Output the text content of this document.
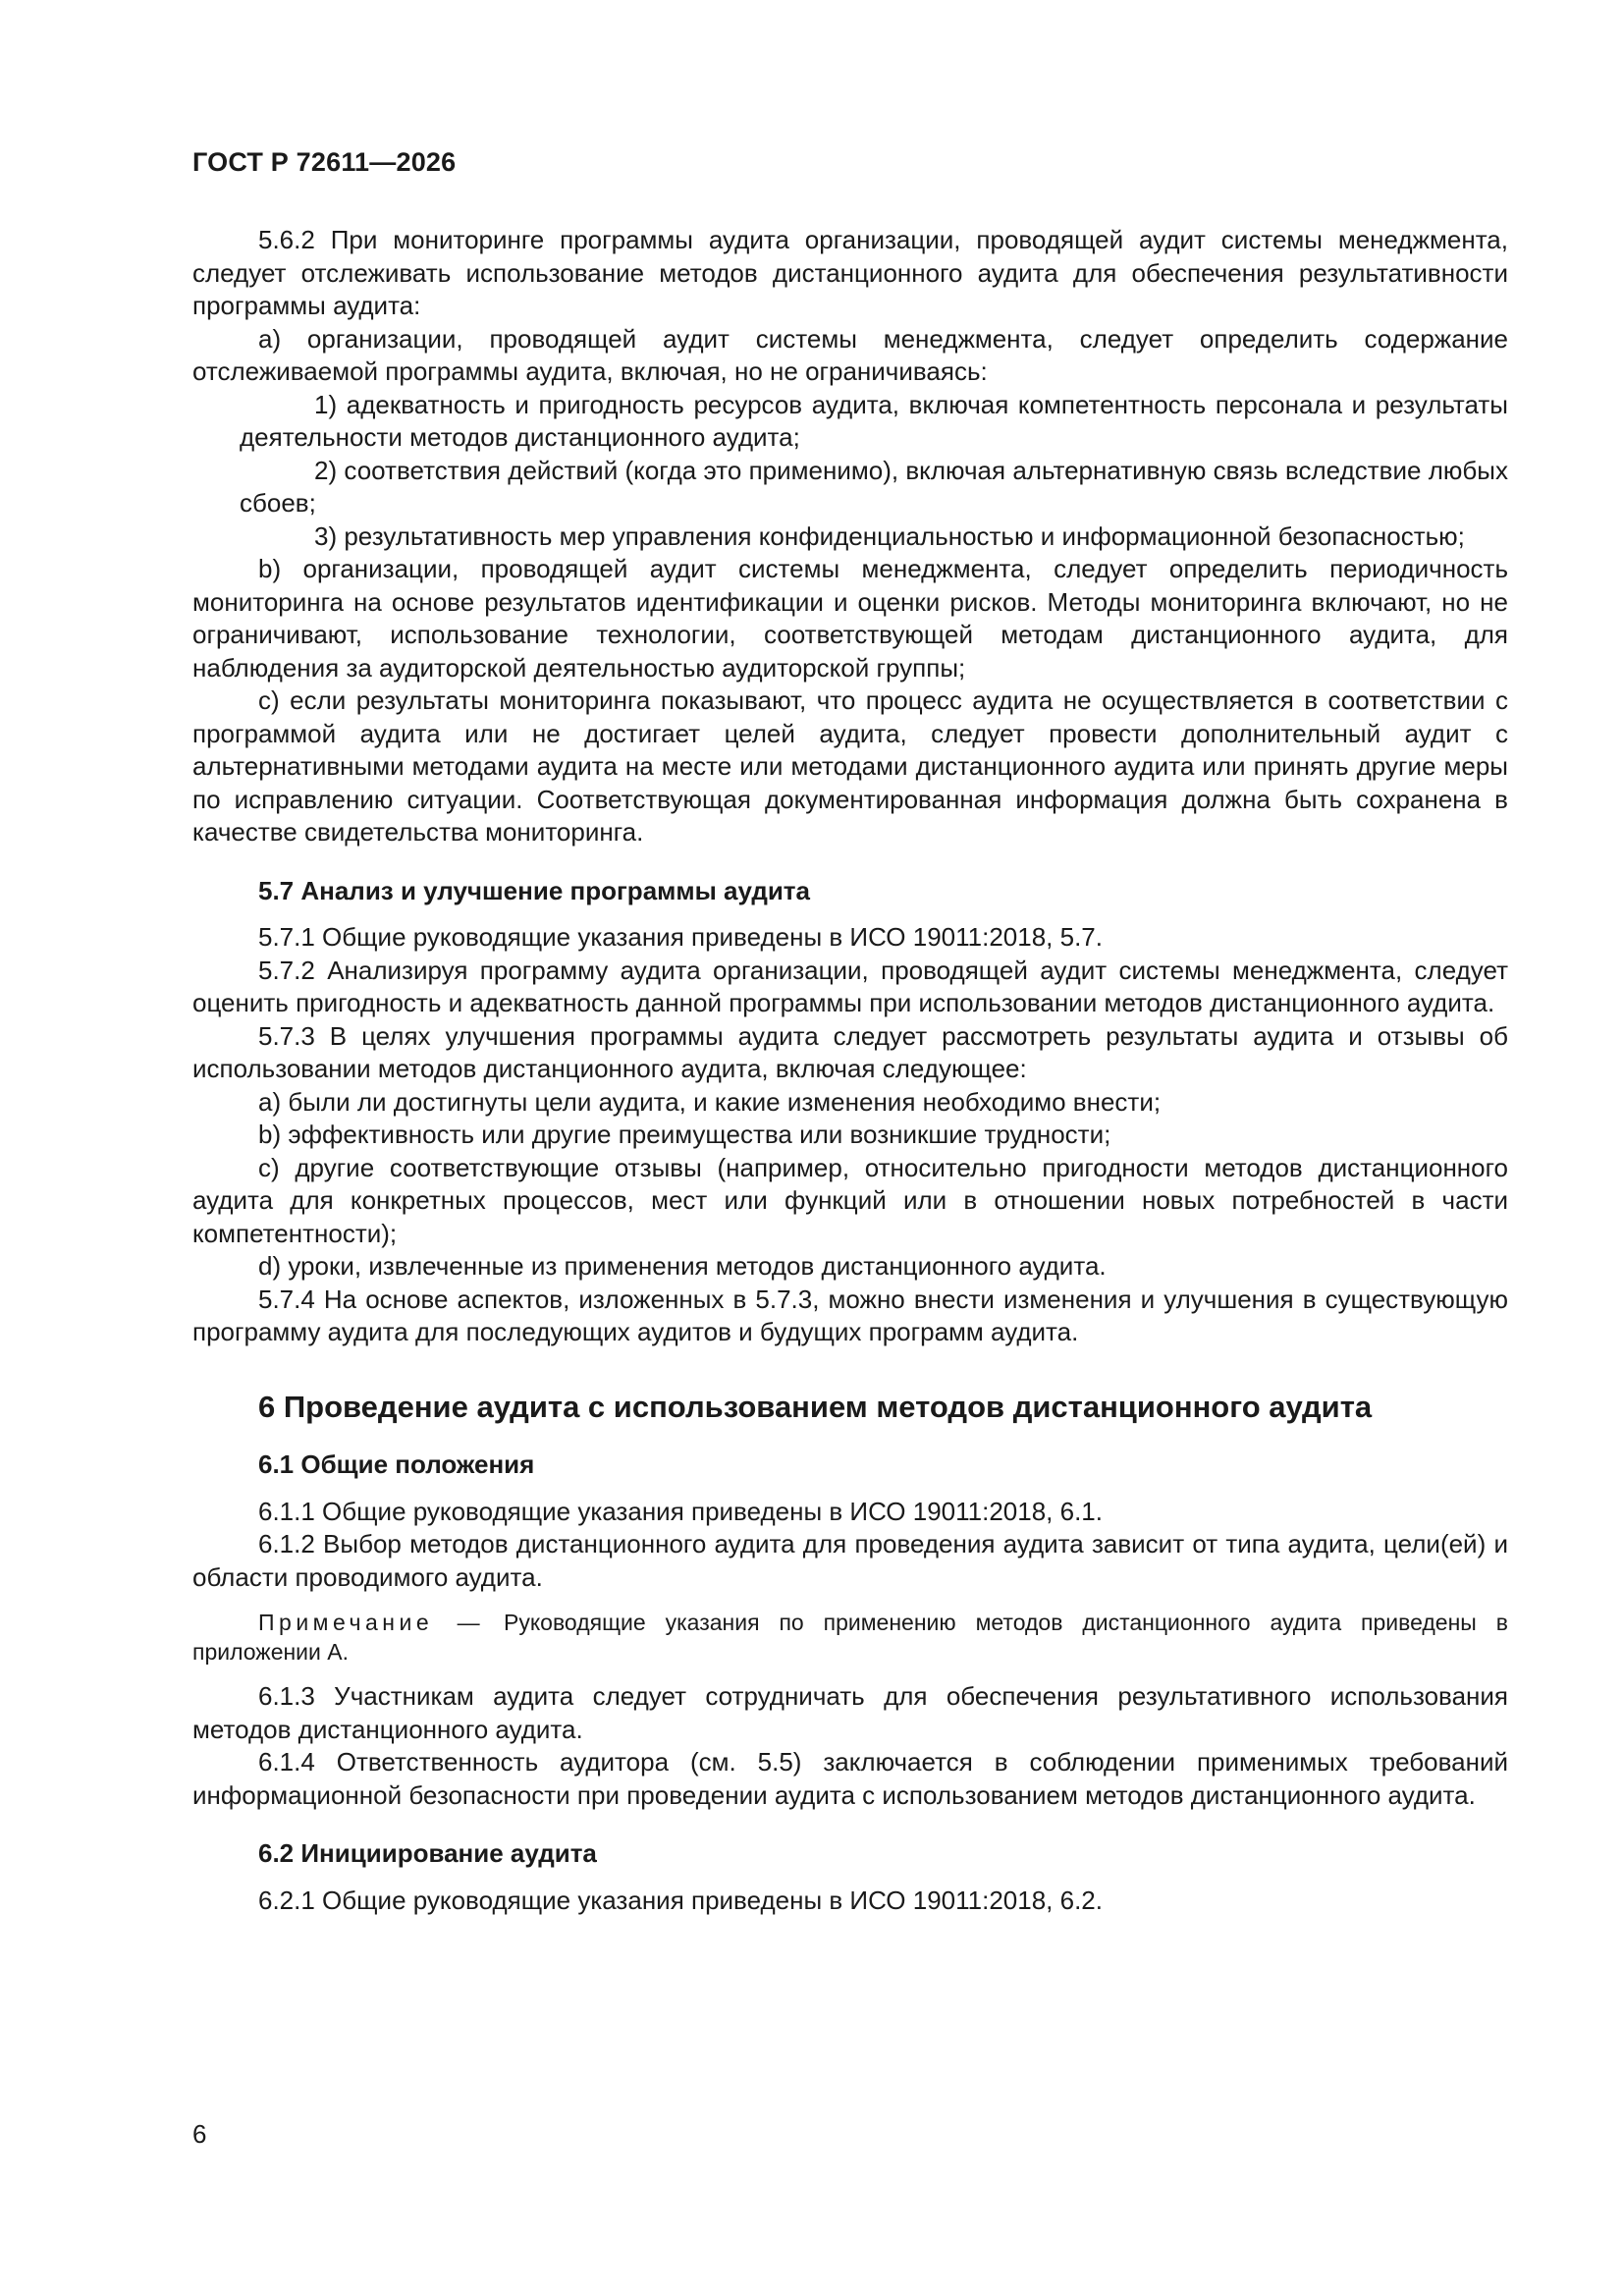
ГОСТ Р 72611—2026

5.6.2 При мониторинге программы аудита организации, проводящей аудит системы менеджмента, следует отслеживать использование методов дистанционного аудита для обеспечения результативности программы аудита:

a) организации, проводящей аудит системы менеджмента, следует определить содержание отслеживаемой программы аудита, включая, но не ограничиваясь:

1) адекватность и пригодность ресурсов аудита, включая компетентность персонала и результаты деятельности методов дистанционного аудита;

2) соответствия действий (когда это применимо), включая альтернативную связь вследствие любых сбоев;

3) результативность мер управления конфиденциальностью и информационной безопасностью;

b) организации, проводящей аудит системы менеджмента, следует определить периодичность мониторинга на основе результатов идентификации и оценки рисков. Методы мониторинга включают, но не ограничивают, использование технологии, соответствующей методам дистанционного аудита, для наблюдения за аудиторской деятельностью аудиторской группы;

c) если результаты мониторинга показывают, что процесс аудита не осуществляется в соответствии с программой аудита или не достигает целей аудита, следует провести дополнительный аудит с альтернативными методами аудита на месте или методами дистанционного аудита или принять другие меры по исправлению ситуации. Соответствующая документированная информация должна быть сохранена в качестве свидетельства мониторинга.

5.7 Анализ и улучшение программы аудита

5.7.1 Общие руководящие указания приведены в ИСО 19011:2018, 5.7.

5.7.2 Анализируя программу аудита организации, проводящей аудит системы менеджмента, следует оценить пригодность и адекватность данной программы при использовании методов дистанционного аудита.

5.7.3 В целях улучшения программы аудита следует рассмотреть результаты аудита и отзывы об использовании методов дистанционного аудита, включая следующее:

a) были ли достигнуты цели аудита, и какие изменения необходимо внести;

b) эффективность или другие преимущества или возникшие трудности;

c) другие соответствующие отзывы (например, относительно пригодности методов дистанционного аудита для конкретных процессов, мест или функций или в отношении новых потребностей в части компетентности);

d) уроки, извлеченные из применения методов дистанционного аудита.

5.7.4 На основе аспектов, изложенных в 5.7.3, можно внести изменения и улучшения в существующую программу аудита для последующих аудитов и будущих программ аудита.

6 Проведение аудита с использованием методов дистанционного аудита
6.1 Общие положения

6.1.1 Общие руководящие указания приведены в ИСО 19011:2018, 6.1.

6.1.2 Выбор методов дистанционного аудита для проведения аудита зависит от типа аудита, цели(ей) и области проводимого аудита.

Примечание — Руководящие указания по применению методов дистанционного аудита приведены в приложении А.

6.1.3 Участникам аудита следует сотрудничать для обеспечения результативного использования методов дистанционного аудита.

6.1.4 Ответственность аудитора (см. 5.5) заключается в соблюдении применимых требований информационной безопасности при проведении аудита с использованием методов дистанционного аудита.

6.2 Инициирование аудита

6.2.1 Общие руководящие указания приведены в ИСО 19011:2018, 6.2.

6
